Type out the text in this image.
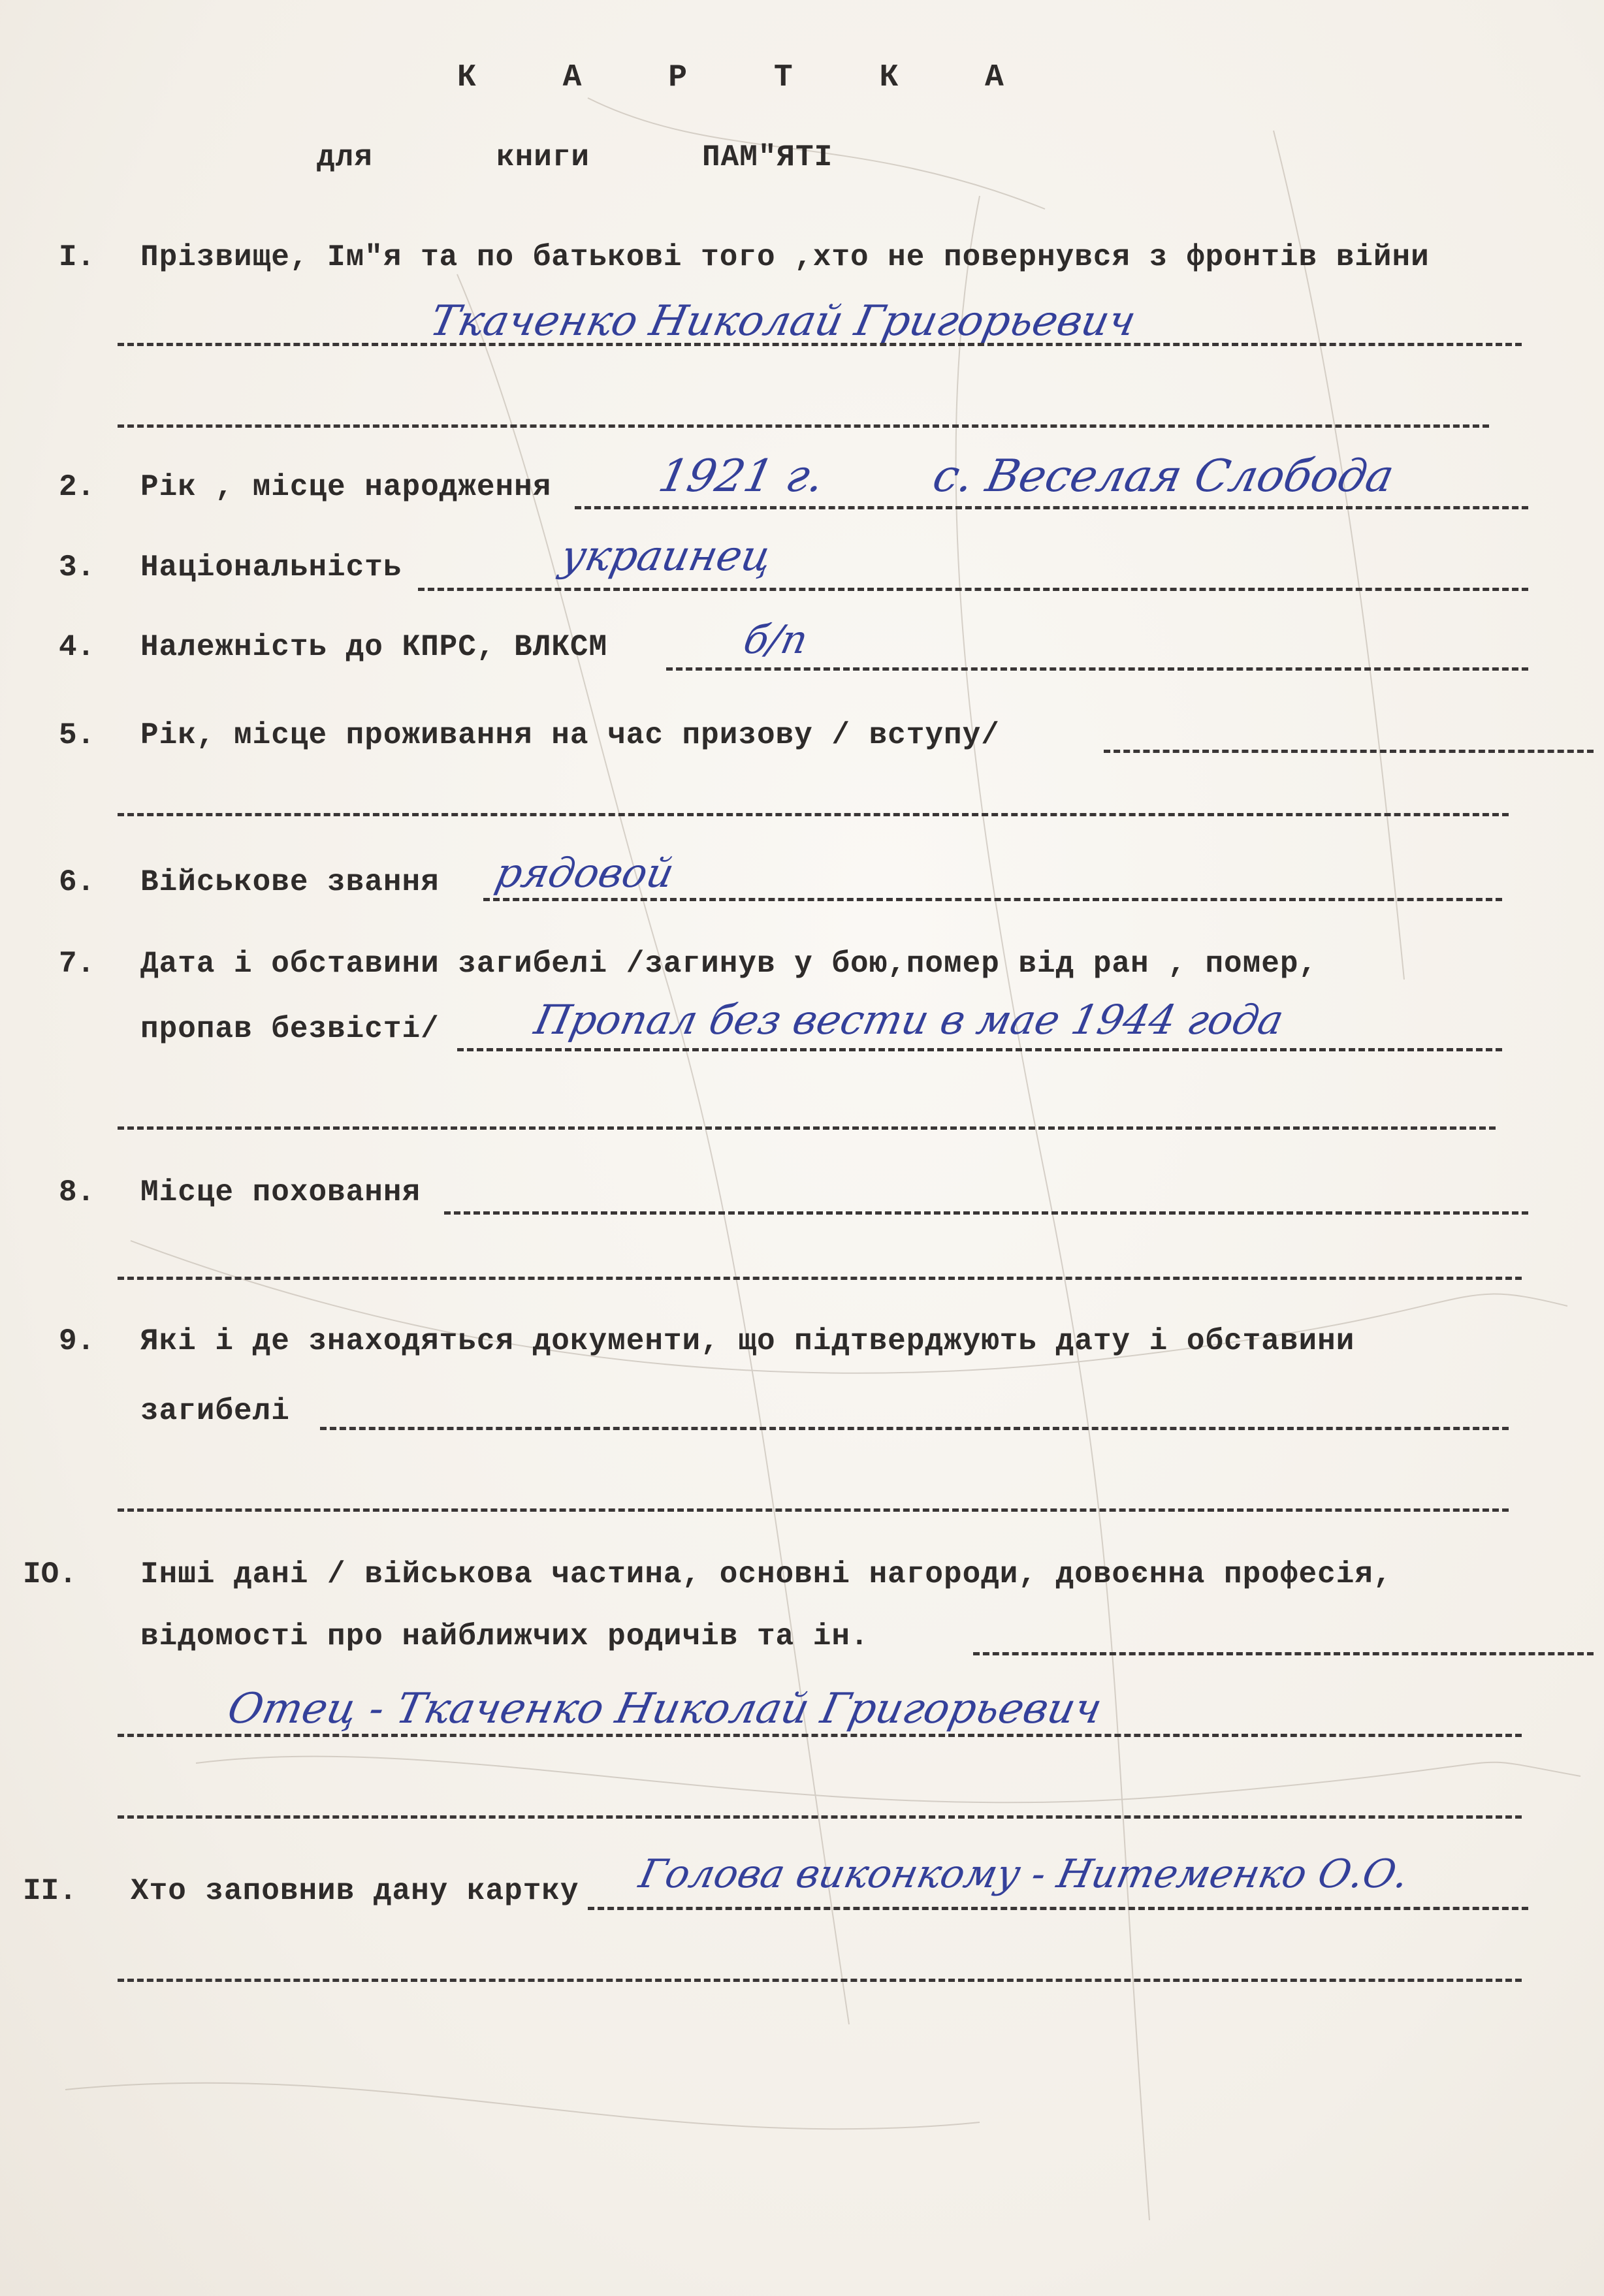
К А Р Т К А
для	книги	ПАМ"ЯТІ
I. Прізвище, Ім"я та по батькові того ,хто не повернувся з фронтів війни
Ткаченко Николай Григорьевич
2. Рік , місце народження 1921 г. с. Веселая Слобода
3. Національність	украинец
4. Належність до КПРС, ВЛКСМ	б/п
5. Рік, місце проживання на час призову / вступу/
6. Військове звання рядовой
7. Дата і обставини загибелі /загинув у бою,помер від ран , помер,
пропав безвісті/ Пропал без вести в мае 1944 года
8. Місце поховання
9. Які і де знаходяться документи, що підтверджують дату і обставини
загибелі
IO. Інші дані / військова частина, основні нагороди, довоєнна професія,
відомості про найближчих родичів та ін.
Отец - Ткаченко Николай Григорьевич
II. Хто заповнив дану картку Голова виконкому - Нитеменко О.О.
